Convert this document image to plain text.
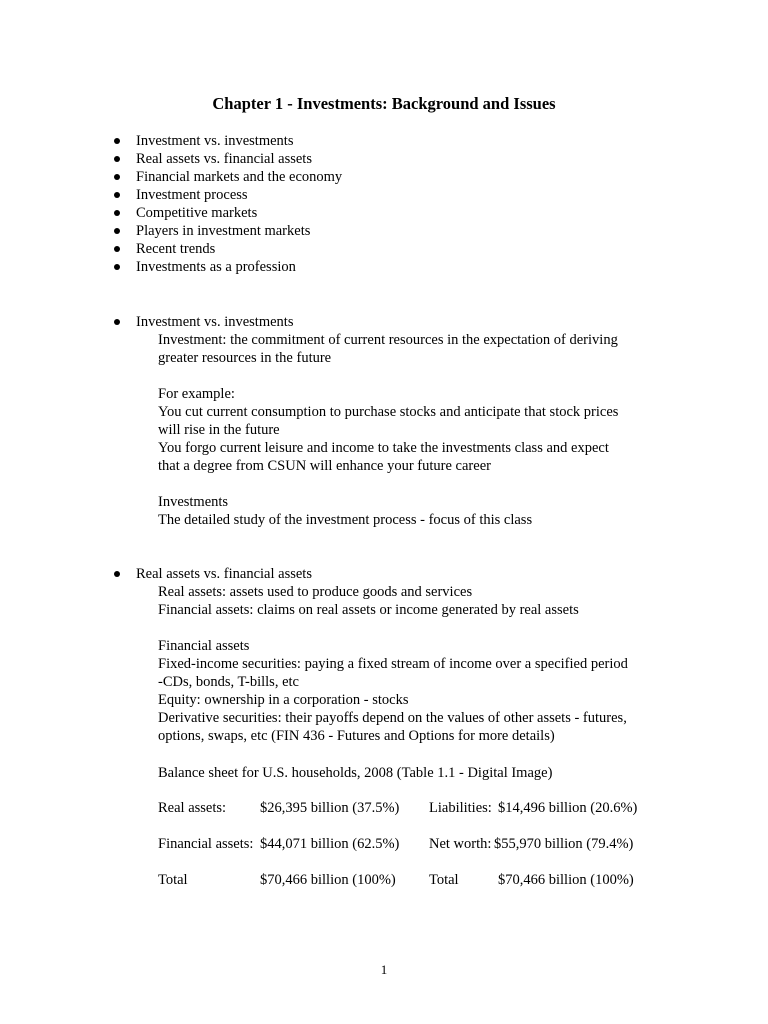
Chapter 1 - Investments: Background and Issues
Investment vs. investments
Real assets vs. financial assets
Financial markets and the economy
Investment process
Competitive markets
Players in investment markets
Recent trends
Investments as a profession
Investment vs. investments
Investment: the commitment of current resources in the expectation of deriving
greater resources in the future
For example:
You cut current consumption to purchase stocks and anticipate that stock prices
will rise in the future
You forgo current leisure and income to take the investments class and expect
that a degree from CSUN will enhance your future career
Investments
The detailed study of the investment process - focus of this class
Real assets vs. financial assets
Real assets: assets used to produce goods and services
Financial assets: claims on real assets or income generated by real assets
Financial assets
Fixed-income securities: paying a fixed stream of income over a specified period
-CDs, bonds, T-bills, etc
Equity: ownership in a corporation - stocks
Derivative securities: their payoffs depend on the values of other assets - futures,
options, swaps, etc (FIN 436 - Futures and Options for more details)
Balance sheet for U.S. households, 2008 (Table 1.1 - Digital Image)
Real assets: $26,395 billion (37.5%) Liabilities: $14,496 billion (20.6%)
Financial assets: $44,071 billion (62.5%) Net worth: $55,970 billion (79.4%)
Total	$70,466 billion (100%) Total	$70,466 billion (100%)
1
